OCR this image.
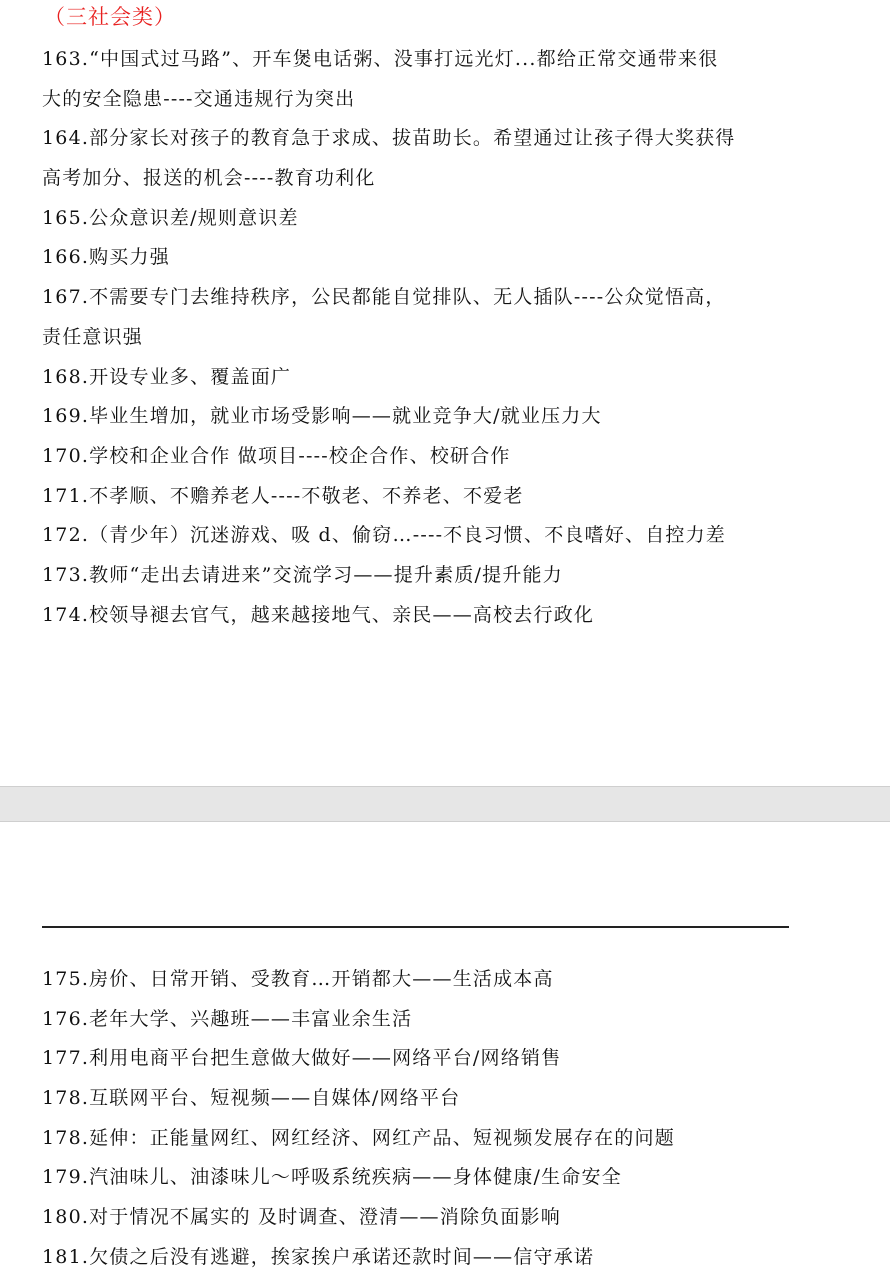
（三社会类）
163.“中国式过马路”、开车煲电话粥、没事打远光灯...都给正常交通带来很
大的安全隐患----交通违规行为突出
164.部分家长对孩子的教育急于求成、拔苗助长。希望通过让孩子得大奖获得
高考加分、报送的机会----教育功利化
165.公众意识差/规则意识差
166.购买力强
167.不需要专门去维持秩序，公民都能自觉排队、无人插队----公众觉悟高，
责任意识强
168.开设专业多、覆盖面广
169.毕业生增加，就业市场受影响——就业竞争大/就业压力大
170.学校和企业合作 做项目----校企合作、校研合作
171.不孝顺、不赡养老人----不敬老、不养老、不爱老
172.（青少年）沉迷游戏、吸 d、偷窃…----不良习惯、不良嗜好、自控力差
173.教师“走出去请进来”交流学习——提升素质/提升能力
174.校领导褪去官气，越来越接地气、亲民——高校去行政化
175.房价、日常开销、受教育…开销都大——生活成本高
176.老年大学、兴趣班——丰富业余生活
177.利用电商平台把生意做大做好——网络平台/网络销售
178.互联网平台、短视频——自媒体/网络平台
178.延伸：正能量网红、网红经济、网红产品、短视频发展存在的问题
179.汽油味儿、油漆味儿～呼吸系统疾病——身体健康/生命安全
180.对于情况不属实的 及时调查、澄清——消除负面影响
181.欠债之后没有逃避，挨家挨户承诺还款时间——信守承诺
